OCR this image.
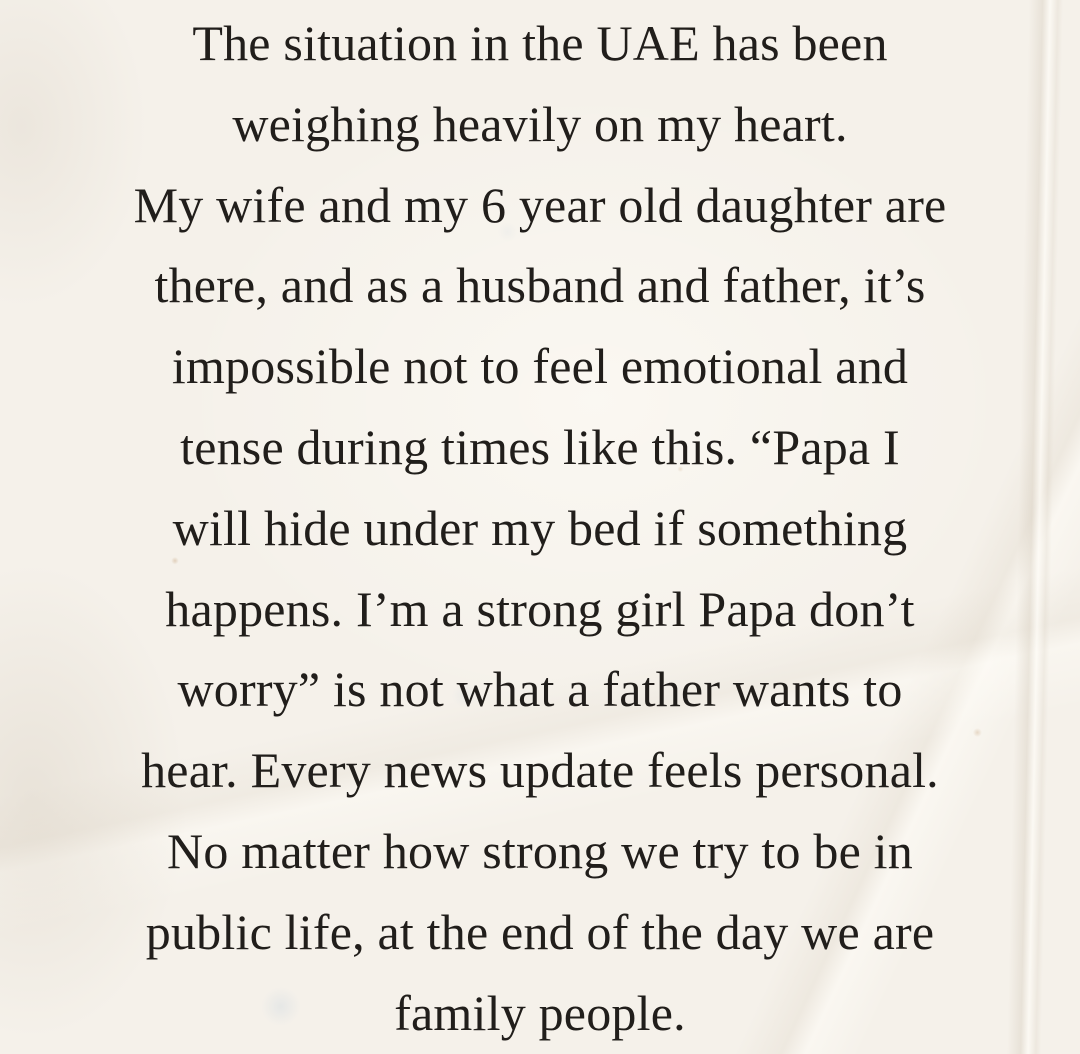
The situation in the UAE has been
weighing heavily on my heart.
My wife and my 6 year old daughter are
there, and as a husband and father, it’s
impossible not to feel emotional and
tense during times like this. “Papa I
will hide under my bed if something
happens. I’m a strong girl Papa don’t
worry” is not what a father wants to
hear. Every news update feels personal.
No matter how strong we try to be in
public life, at the end of the day we are
family people.
